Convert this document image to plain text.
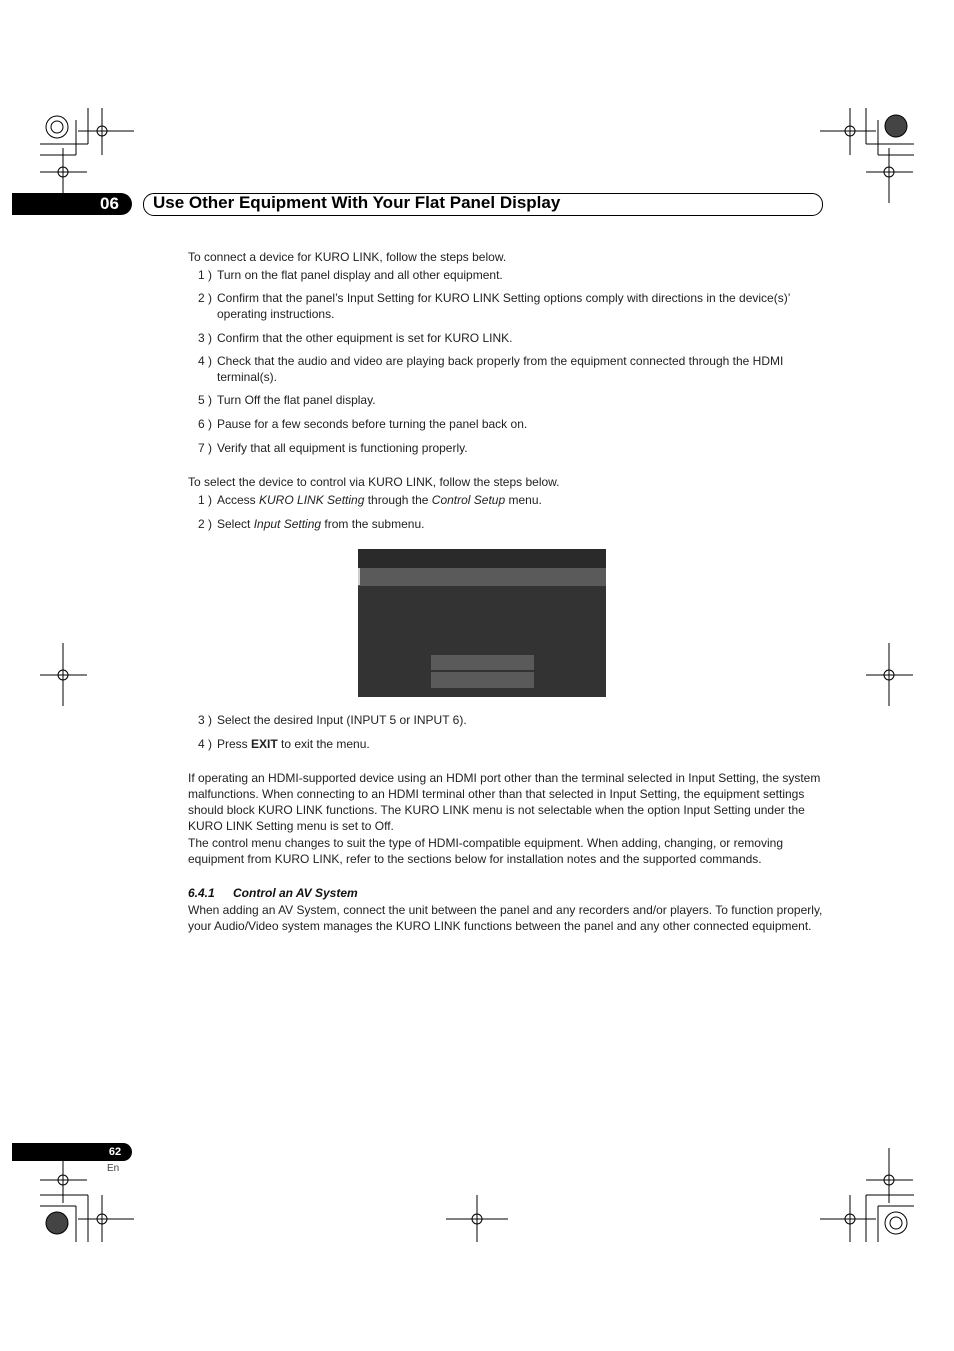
06	Use Other Equipment With Your Flat Panel Display
To connect a device for KURO LINK, follow the steps below.
1 ) Turn on the flat panel display and all other equipment.
2 ) Confirm that the panel’s Input Setting for KURO LINK Setting options comply with directions in the device(s)’ operating instructions.
3 ) Confirm that the other equipment is set for KURO LINK.
4 ) Check that the audio and video are playing back properly from the equipment connected through the HDMI terminal(s).
5 ) Turn Off the flat panel display.
6 ) Pause for a few seconds before turning the panel back on.
7 ) Verify that all equipment is functioning properly.
To select the device to control via KURO LINK, follow the steps below.
1 ) Access KURO LINK Setting through the Control Setup menu.
2 ) Select Input Setting from the submenu.
3 ) Select the desired Input (INPUT 5 or INPUT 6).
4 ) Press EXIT to exit the menu.
If operating an HDMI-supported device using an HDMI port other than the terminal selected in Input Setting, the system malfunctions. When connecting to an HDMI terminal other than that selected in Input Setting, the equipment settings should block KURO LINK functions. The KURO LINK menu is not selectable when the option Input Setting under the KURO LINK Setting menu is set to Off.
The control menu changes to suit the type of HDMI-compatible equipment. When adding, changing, or removing equipment from KURO LINK, refer to the sections below for installation notes and the supported commands.
6.4.1 Control an AV System
When adding an AV System, connect the unit between the panel and any recorders and/or players. To function properly, your Audio/Video system manages the KURO LINK functions between the panel and any other connected equipment.
62
En
